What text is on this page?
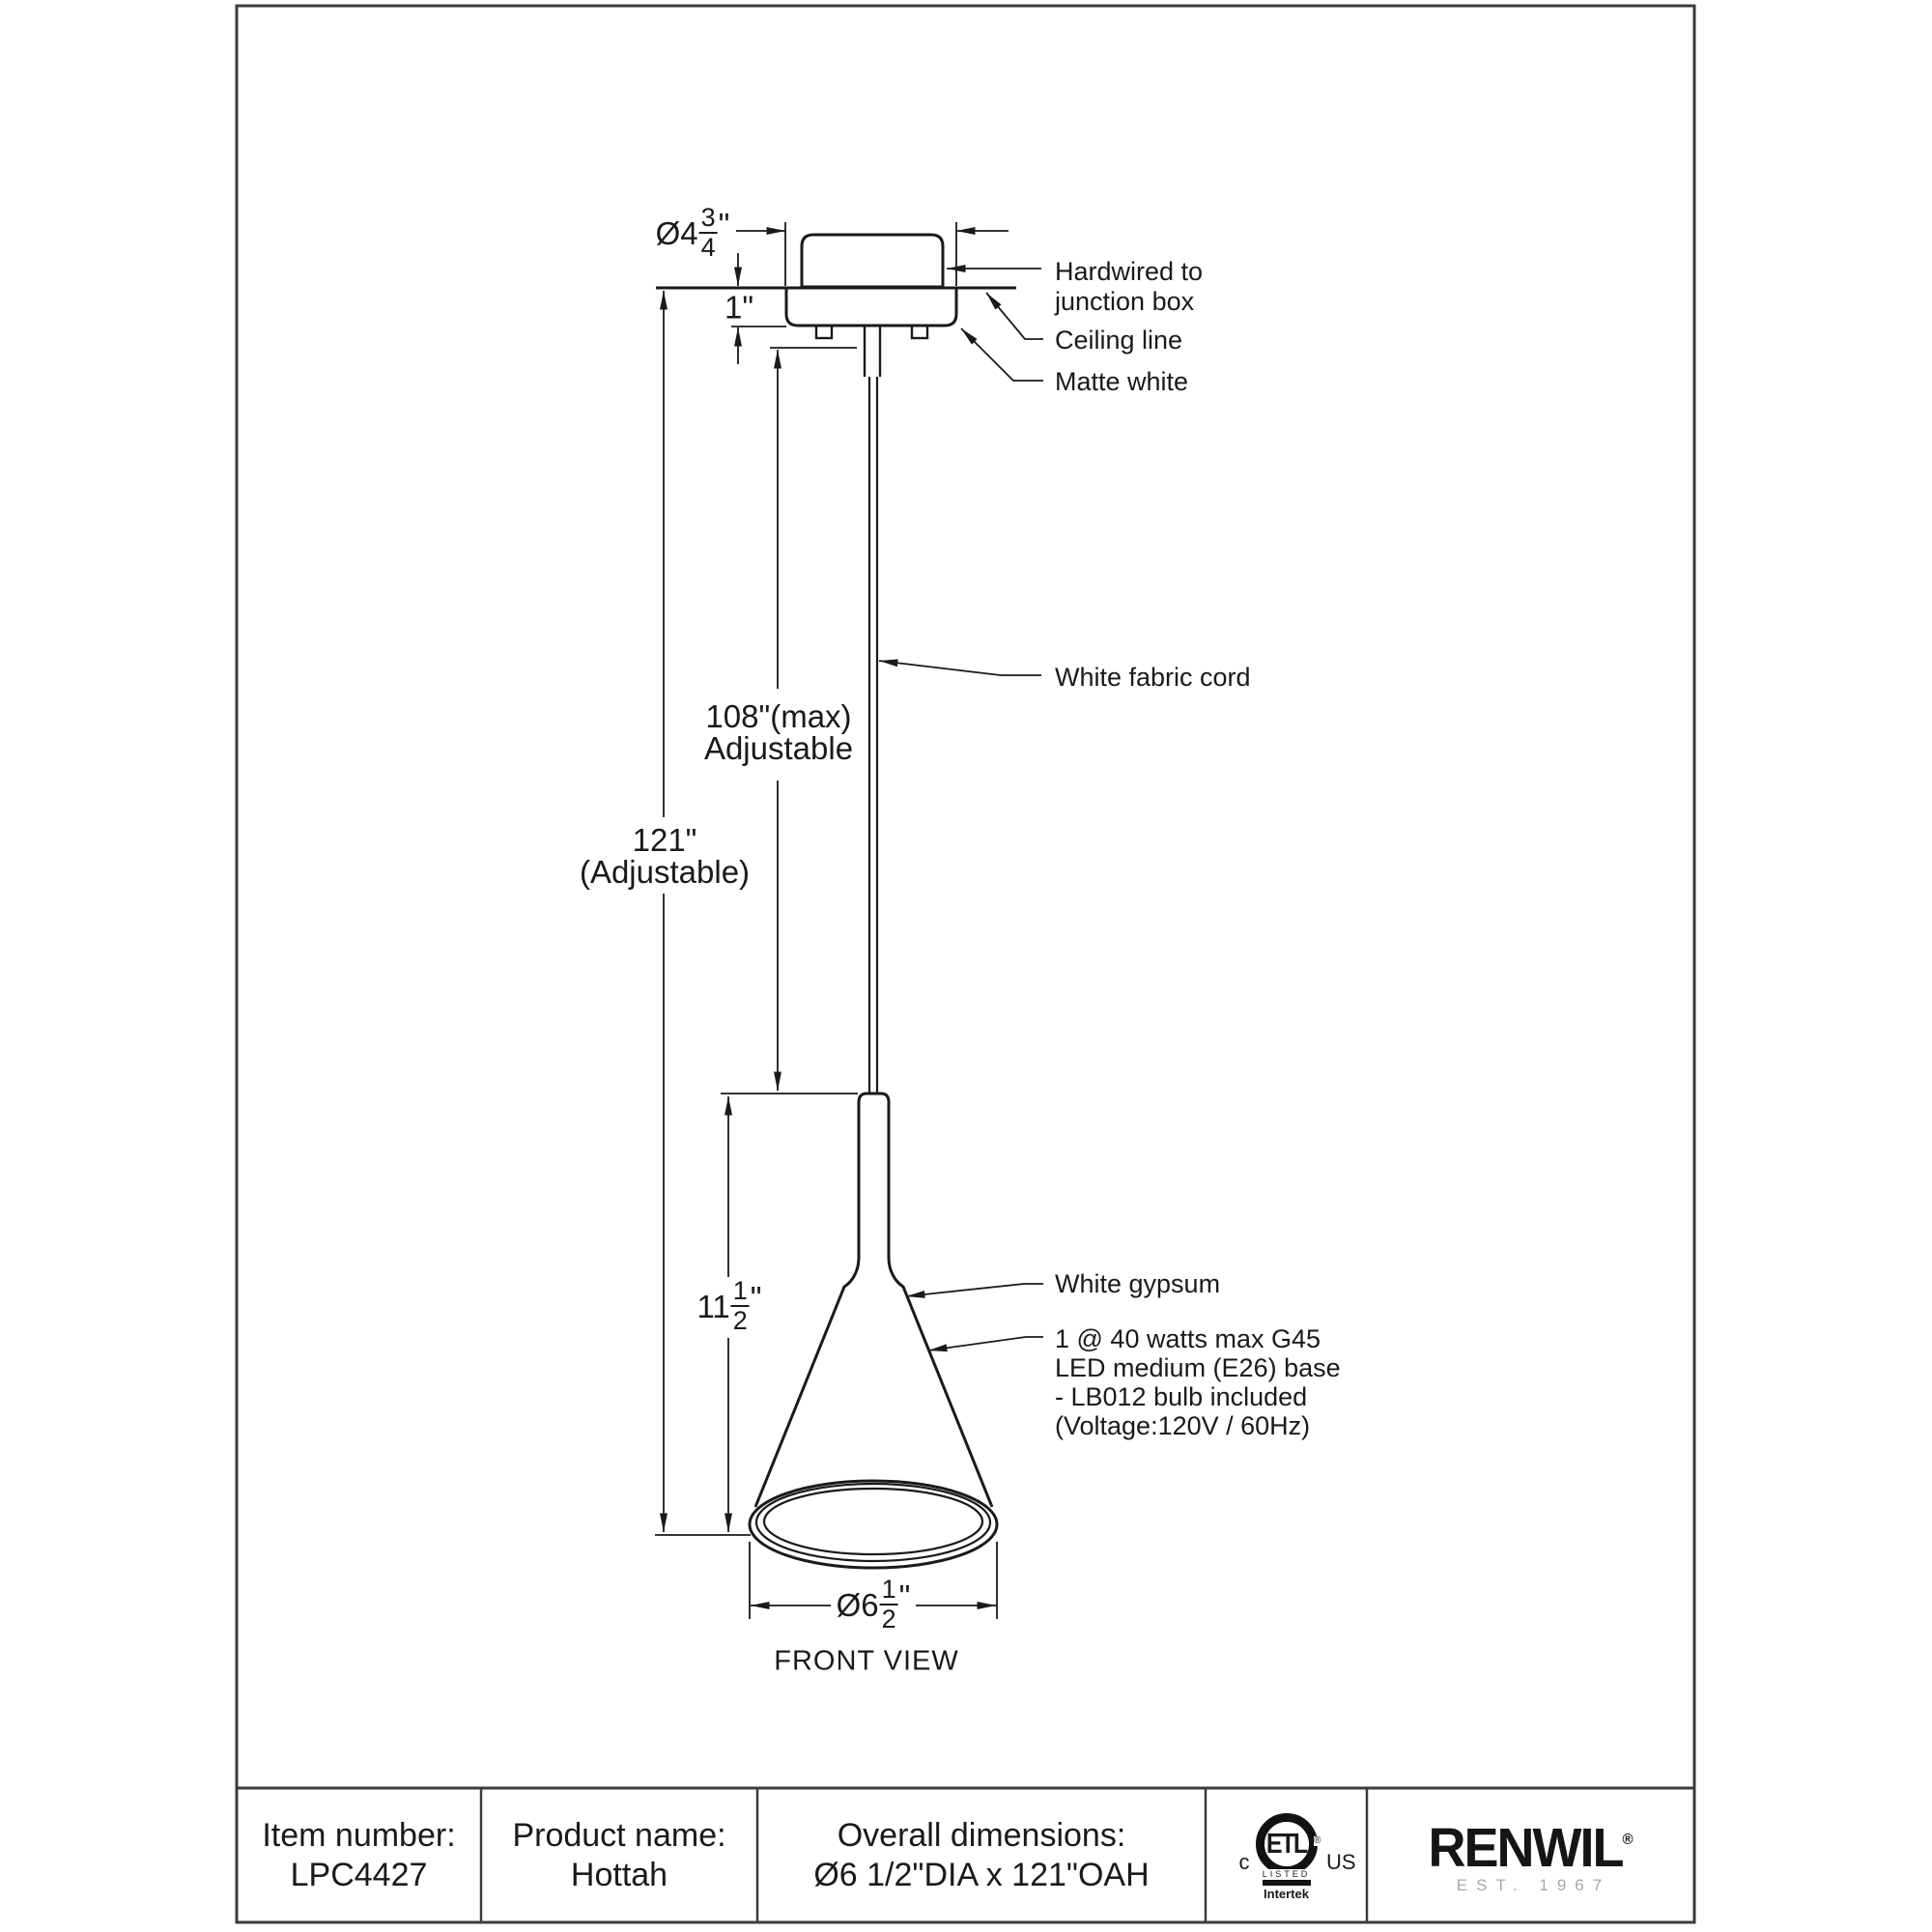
Ø4 $\frac{3}{4}$ "
1"
108"(max)
Adjustable
121"
(Adjustable)
$11 \frac{1}{2}$ "
Ø6 $\frac{1}{2}$ "
FRONT VIEW
Hardwired to
junction box
Ceiling line
Matte white
White fabric cord
White gypsum
1 @ 40 watts max G45
LED medium (E26) base
- LB012 bulb included
(Voltage:120V / 60Hz)
Item number:
LPC4427
Product name:
Hottah
Overall dimensions:
Ø6 1/2"DIA x 121"OAH
ETL ®
c	US
LISTED
Intertek
RENWIL®
EST. 1967
